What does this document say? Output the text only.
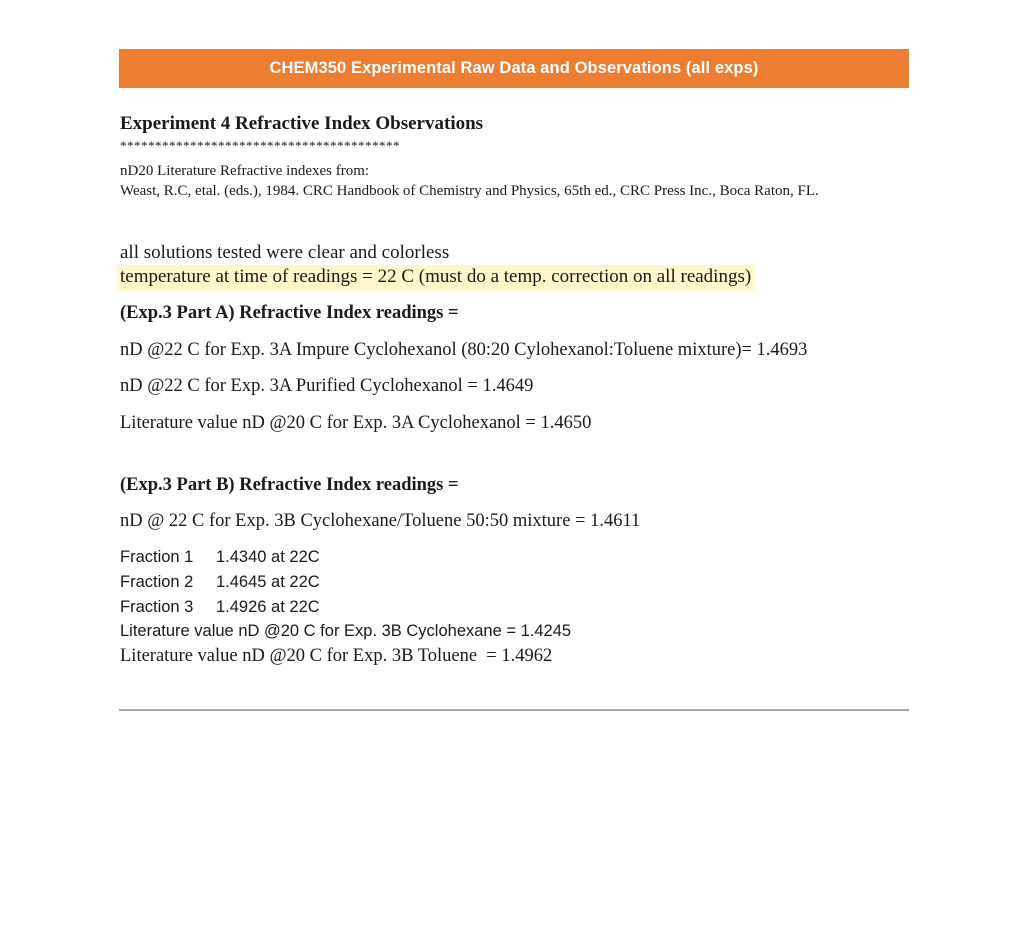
CHEM350 Experimental Raw Data and Observations (all exps)
Experiment 4 Refractive Index Observations
****************************************
nD20 Literature Refractive indexes from:
Weast, R.C, etal. (eds.), 1984. CRC Handbook of Chemistry and Physics, 65th ed., CRC Press Inc., Boca Raton, FL.
all solutions tested were clear and colorless
temperature at time of readings = 22 C (must do a temp. correction on all readings)
(Exp.3 Part A) Refractive Index readings =
nD @22 C for Exp. 3A Impure Cyclohexanol (80:20 Cylohexanol:Toluene mixture)= 1.4693
nD @22 C for Exp. 3A Purified Cyclohexanol = 1.4649
Literature value nD @20 C for Exp. 3A Cyclohexanol = 1.4650
(Exp.3 Part B) Refractive Index readings =
nD @ 22 C for Exp. 3B Cyclohexane/Toluene 50:50 mixture = 1.4611
Fraction 1 1.4340 at 22C
Fraction 2 1.4645 at 22C
Fraction 3 1.4926 at 22C
Literature value nD @20 C for Exp. 3B Cyclohexane = 1.4245
Literature value nD @20 C for Exp. 3B Toluene  = 1.4962
